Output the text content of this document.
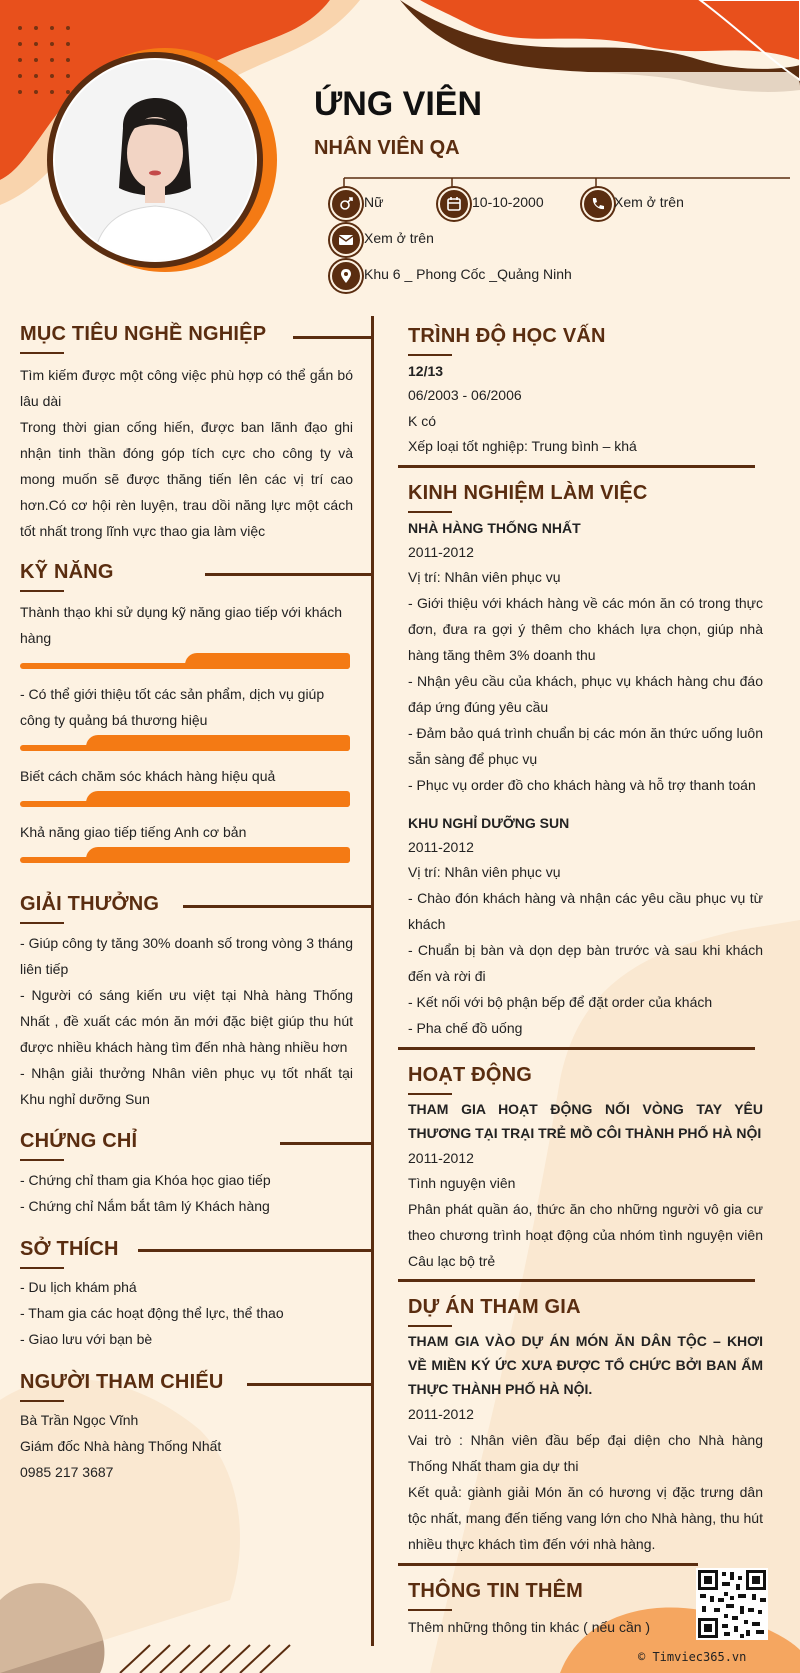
ỨNG VIÊN
NHÂN VIÊN QA
Nữ	10-10-2000	Xem ở trên
Xem ở trên
Khu 6 _ Phong Cốc _Quảng Ninh
MỤC TIÊU NGHỀ NGHIỆP
Tìm kiếm được một công việc phù hợp có thể gắn bó lâu dài
Trong thời gian cống hiến, được ban lãnh đạo ghi nhận tinh thần đóng góp tích cực cho công ty và mong muốn sẽ được thăng tiến lên các vị trí cao hơn.Có cơ hội rèn luyện, trau dồi năng lực một cách tốt nhất trong lĩnh vực thao gia làm việc
KỸ NĂNG
Thành thạo khi sử dụng kỹ năng giao tiếp với khách hàng
- Có thể giới thiệu tốt các sản phẩm, dịch vụ giúp công ty quảng bá thương hiệu
Biết cách chăm sóc khách hàng hiệu quả
Khả năng giao tiếp tiếng Anh cơ bản
GIẢI THƯỞNG
- Giúp công ty tăng 30% doanh số trong vòng 3 tháng liên tiếp
- Người có sáng kiến ưu việt tại Nhà hàng Thống Nhất , đề xuất các món ăn mới đặc biệt giúp thu hút được nhiều khách hàng tìm đến nhà hàng nhiều hơn
- Nhận giải thưởng Nhân viên phục vụ tốt nhất tại Khu nghỉ dưỡng Sun
CHỨNG CHỈ
- Chứng chỉ tham gia Khóa học giao tiếp
- Chứng chỉ Nắm bắt tâm lý Khách hàng
SỞ THÍCH
- Du lịch khám phá
- Tham gia các hoạt động thể lực, thể thao
- Giao lưu với bạn bè
NGƯỜI THAM CHIẾU
Bà Trần Ngọc Vĩnh
Giám đốc Nhà hàng Thống Nhất
0985 217 3687
TRÌNH ĐỘ HỌC VẤN
12/13
06/2003 - 06/2006
K có
Xếp loại tốt nghiệp: Trung bình – khá
KINH NGHIỆM LÀM VIỆC
NHÀ HÀNG THỐNG NHẤT
2011-2012
Vị trí: Nhân viên phục vụ
- Giới thiệu với khách hàng về các món ăn có trong thực đơn, đưa ra gợi ý thêm cho khách lựa chọn, giúp nhà hàng tăng thêm 3% doanh thu
- Nhận yêu cầu của khách, phục vụ khách hàng chu đáo đáp ứng đúng yêu cầu
- Đảm bảo quá trình chuẩn bị các món ăn thức uống luôn sẵn sàng để phục vụ
- Phục vụ order đồ cho khách hàng và hỗ trợ thanh toán
KHU NGHỈ DƯỠNG SUN
2011-2012
Vị trí: Nhân viên phục vụ
- Chào đón khách hàng và nhận các yêu cầu phục vụ từ khách
- Chuẩn bị bàn và dọn dẹp bàn trước và sau khi khách đến và rời đi
- Kết nối với bộ phận bếp để đặt order của khách
- Pha chế đồ uống
HOẠT ĐỘNG
THAM GIA HOẠT ĐỘNG NỐI VÒNG TAY YÊU THƯƠNG TẠI TRẠI TRẺ MỒ CÔI THÀNH PHỐ HÀ NỘI
2011-2012
Tình nguyện viên
Phân phát quần áo, thức ăn cho những người vô gia cư theo chương trình hoạt động của nhóm tình nguyện viên Câu lạc bộ trẻ
DỰ ÁN THAM GIA
THAM GIA VÀO DỰ ÁN MÓN ĂN DÂN TỘC – KHƠI VỀ MIỀN KÝ ỨC XƯA ĐƯỢC TỔ CHỨC BỞI BAN ẨM THỰC THÀNH PHỐ HÀ NỘI.
2011-2012
Vai trò : Nhân viên đầu bếp đại diện cho Nhà hàng Thống Nhất tham gia dự thi
Kết quả: giành giải Món ăn có hương vị đặc trưng dân tộc nhất, mang đến tiếng vang lớn cho Nhà hàng, thu hút nhiều thực khách tìm đến với nhà hàng.
THÔNG TIN THÊM
Thêm những thông tin khác ( nếu cần )
© Timviec365.vn
